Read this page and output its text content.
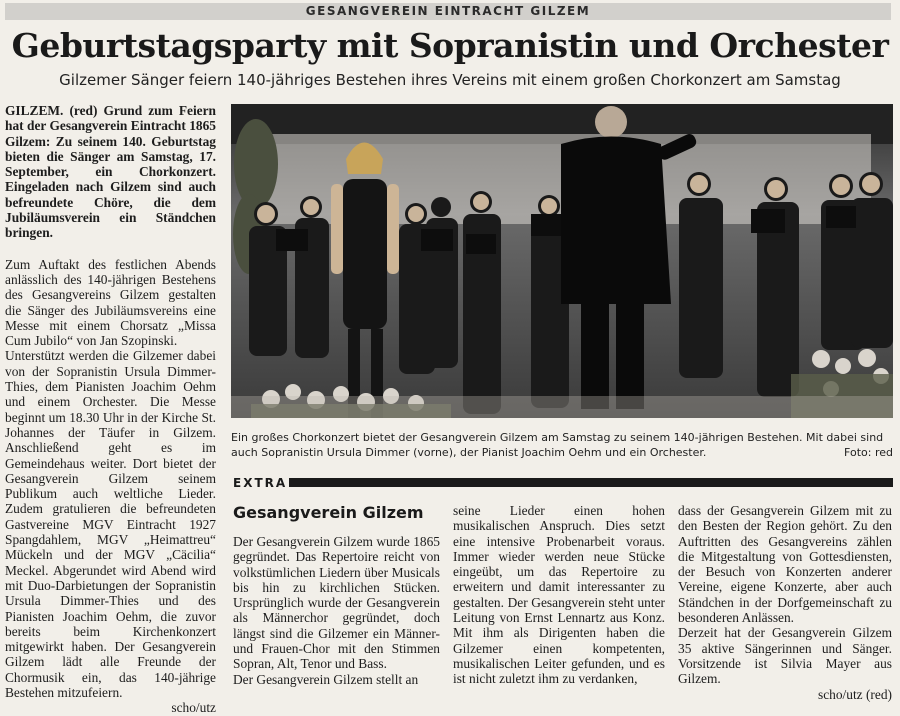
GESANGVEREIN EINTRACHT GILZEM
Geburtstagsparty mit Sopranistin und Orchester
Gilzemer Sänger feiern 140-jähriges Bestehen ihres Vereins mit einem großen Chorkonzert am Samstag

GILZEM. (red) Grund zum Feiern hat der Gesangverein Eintracht 1865 Gilzem: Zu seinem 140. Geburtstag bieten die Sänger am Samstag, 17. September, ein Chorkonzert. Eingeladen nach Gilzem sind auch befreundete Chöre, die dem Jubiläumsverein ein Ständchen bringen.

Zum Auftakt des festlichen Abends anlässlich des 140-jährigen Bestehens des Gesangvereins Gilzem gestalten die Sänger des Jubiläumsvereins eine Messe mit einem Chorsatz „Missa Cum Jubilo“ von Jan Szopinski.

Unterstützt werden die Gilzemer dabei von der Sopranistin Ursula Dimmer-Thies, dem Pianisten Joachim Oehm und einem Orchester. Die Messe beginnt um 18.30 Uhr in der Kirche St. Johannes der Täufer in Gilzem. Anschließend geht es im Gemeindehaus weiter. Dort bietet der Gesangverein Gilzem seinem Publikum auch weltliche Lieder. Zudem gratulieren die befreundeten Gastvereine MGV Eintracht 1927 Spangdahlem, MGV „Heimattreu“ Mückeln und der MGV „Cäcilia“ Meckel. Abgerundet wird Abend wird mit Duo-Darbietungen der Sopranistin Ursula Dimmer-Thies und des Pianisten Joachim Oehm, die zuvor bereits beim Kirchenkonzert mitgewirkt haben. Der Gesangverein Gilzem lädt alle Freunde der Chormusik ein, das 140-jährige Bestehen mitzufeiern.

scho/utz

Ein großes Chorkonzert bietet der Gesangverein Gilzem am Samstag zu seinem 140-jährigen Bestehen. Mit dabei sind auch Sopranistin Ursula Dimmer (vorne), der Pianist Joachim Oehm und ein Orchester.	Foto: red
EXTRA
Gesangverein Gilzem

Der Gesangverein Gilzem wurde 1865 gegründet. Das Repertoire reicht von volkstümlichen Liedern über Musicals bis hin zu kirchlichen Stücken. Ursprünglich wurde der Gesangverein als Männerchor gegründet, doch längst sind die Gilzemer ein Männer- und Frauen-Chor mit den Stimmen Sopran, Alt, Tenor und Bass.

Der Gesangverein Gilzem stellt an

seine Lieder einen hohen musikalischen Anspruch. Dies setzt eine intensive Probenarbeit voraus. Immer wieder werden neue Stücke eingeübt, um das Repertoire zu erweitern und damit interessanter zu gestalten. Der Gesangverein steht unter Leitung von Ernst Lennartz aus Konz. Mit ihm als Dirigenten haben die Gilzemer einen kompetenten, musikalischen Leiter gefunden, und es ist nicht zuletzt ihm zu verdanken,

dass der Gesangverein Gilzem mit zu den Besten der Region gehört. Zu den Auftritten des Gesangvereins zählen die Mitgestaltung von Gottesdiensten, der Besuch von Konzerten anderer Vereine, eigene Konzerte, aber auch Ständchen in der Dorfgemeinschaft zu besonderen Anlässen.

Derzeit hat der Gesangverein Gilzem 35 aktive Sängerinnen und Sänger. Vorsitzende ist Silvia Mayer aus Gilzem.

scho/utz (red)
